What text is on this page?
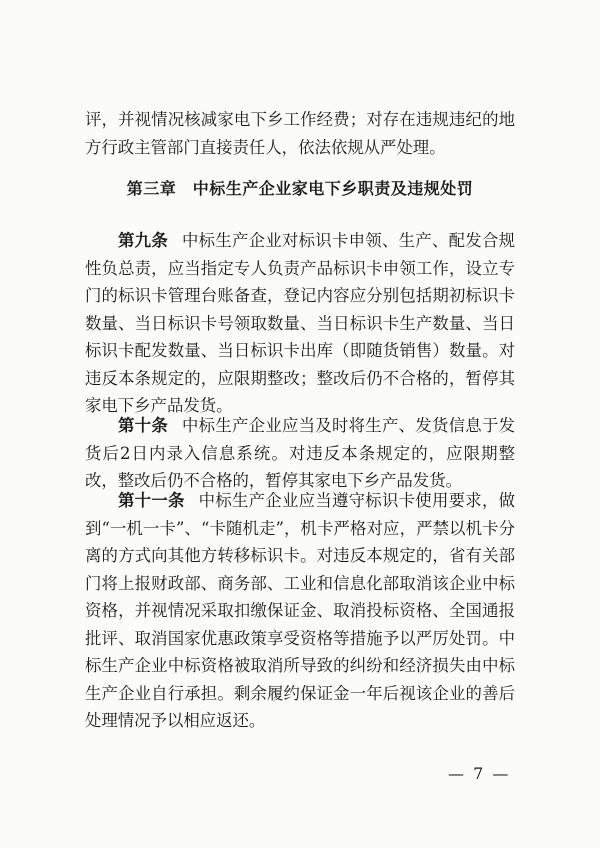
评，并视情况核减家电下乡工作经费；对存在违规违纪的地方行政主管部门直接责任人，依法依规从严处理。

第三章　中标生产企业家电下乡职责及违规处罚

第九条 中标生产企业对标识卡申领、生产、配发合规性负总责，应当指定专人负责产品标识卡申领工作，设立专门的标识卡管理台账备查，登记内容应分别包括期初标识卡数量、当日标识卡号领取数量、当日标识卡生产数量、当日标识卡配发数量、当日标识卡出库（即随货销售）数量。对违反本条规定的，应限期整改；整改后仍不合格的，暂停其家电下乡产品发货。

第十条 中标生产企业应当及时将生产、发货信息于发货后2日内录入信息系统。对违反本条规定的，应限期整改，整改后仍不合格的，暂停其家电下乡产品发货。

第十一条 中标生产企业应当遵守标识卡使用要求，做到“一机一卡”、“卡随机走”，机卡严格对应，严禁以机卡分离的方式向其他方转移标识卡。对违反本规定的，省有关部门将上报财政部、商务部、工业和信息化部取消该企业中标资格，并视情况采取扣缴保证金、取消投标资格、全国通报批评、取消国家优惠政策享受资格等措施予以严厉处罚。中标生产企业中标资格被取消所导致的纠纷和经济损失由中标生产企业自行承担。剩余履约保证金一年后视该企业的善后处理情况予以相应返还。

— 7 —
